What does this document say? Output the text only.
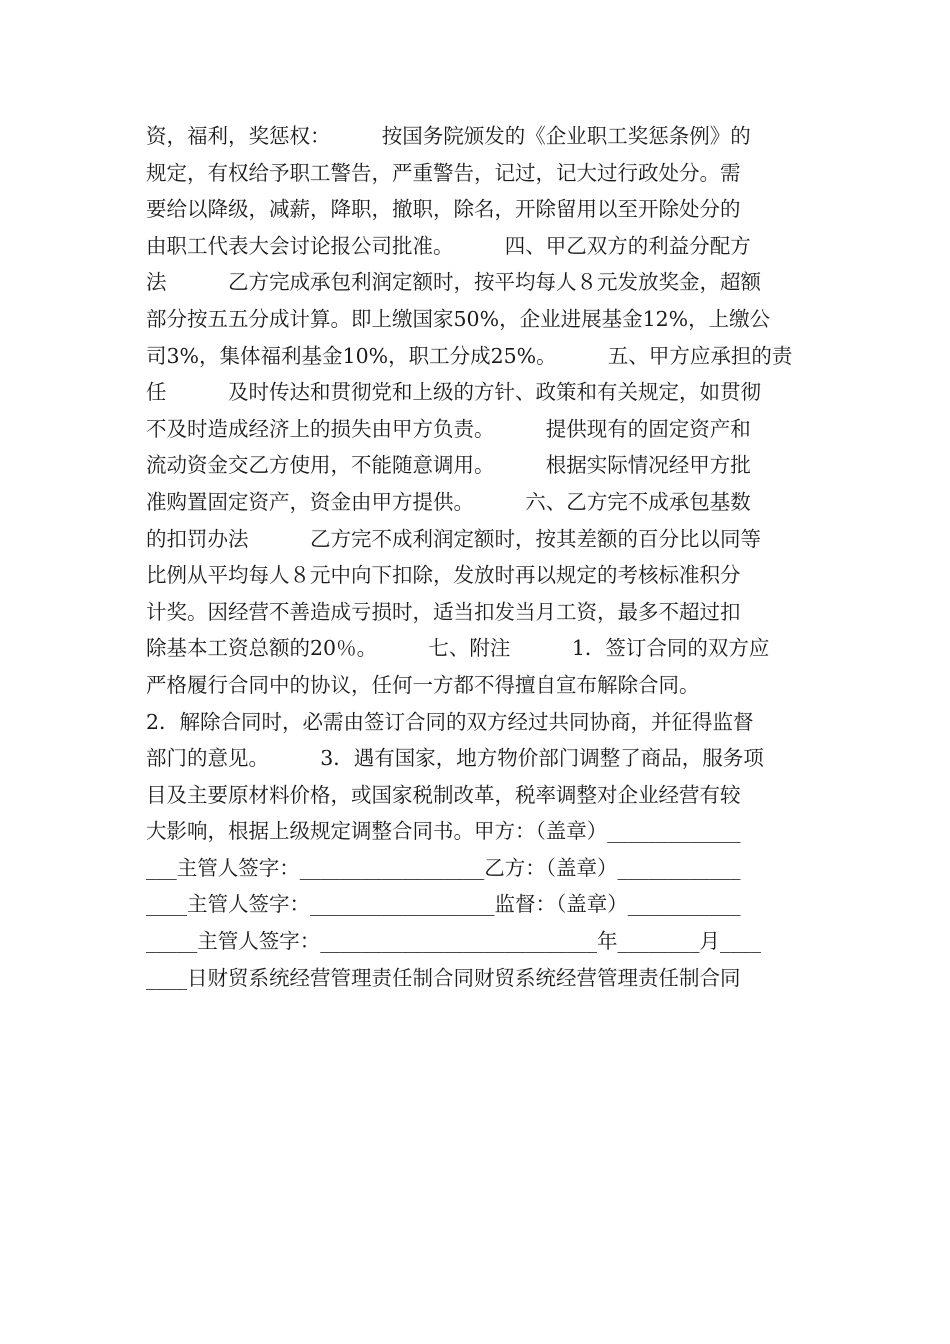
资，福利，奖惩权：　　　按国务院颁发的《企业职工奖惩条例》的
规定，有权给予职工警告，严重警告，记过，记大过行政处分。需
要给以降级，减薪，降职，撤职，除名，开除留用以至开除处分的
由职工代表大会讨论报公司批准。　　　四、甲乙双方的利益分配方
法　　　乙方完成承包利润定额时，按平均每人８元发放奖金，超额
部分按五五分成计算。即上缴国家50%，企业进展基金12%，上缴公
司3%，集体福利基金10%，职工分成25%。　　　五、甲方应承担的责
任　　　及时传达和贯彻党和上级的方针、政策和有关规定，如贯彻
不及时造成经济上的损失由甲方负责。　　　提供现有的固定资产和
流动资金交乙方使用，不能随意调用。　　　根据实际情况经甲方批
准购置固定资产，资金由甲方提供。　　　六、乙方完不成承包基数
的扣罚办法　　　乙方完不成利润定额时，按其差额的百分比以同等
比例从平均每人８元中向下扣除，发放时再以规定的考核标准积分
计奖。因经营不善造成亏损时，适当扣发当月工资，最多不超过扣
除基本工资总额的20％。　　　七、附注　　　1．签订合同的双方应
严格履行合同中的协议，任何一方都不得擅自宣布解除合同。
2．解除合同时，必需由签订合同的双方经过共同协商，并征得监督
部门的意见。　　　3．遇有国家，地方物价部门调整了商品，服务项
目及主要原材料价格，或国家税制改革，税率调整对企业经营有较
大影响，根据上级规定调整合同书。甲方：（盖章）_____________
___主管人签字：__________________乙方：（盖章）____________
____主管人签字：__________________监督：（盖章）___________
_____主管人签字：___________________________年________月____
____日财贸系统经营管理责任制合同财贸系统经营管理责任制合同
